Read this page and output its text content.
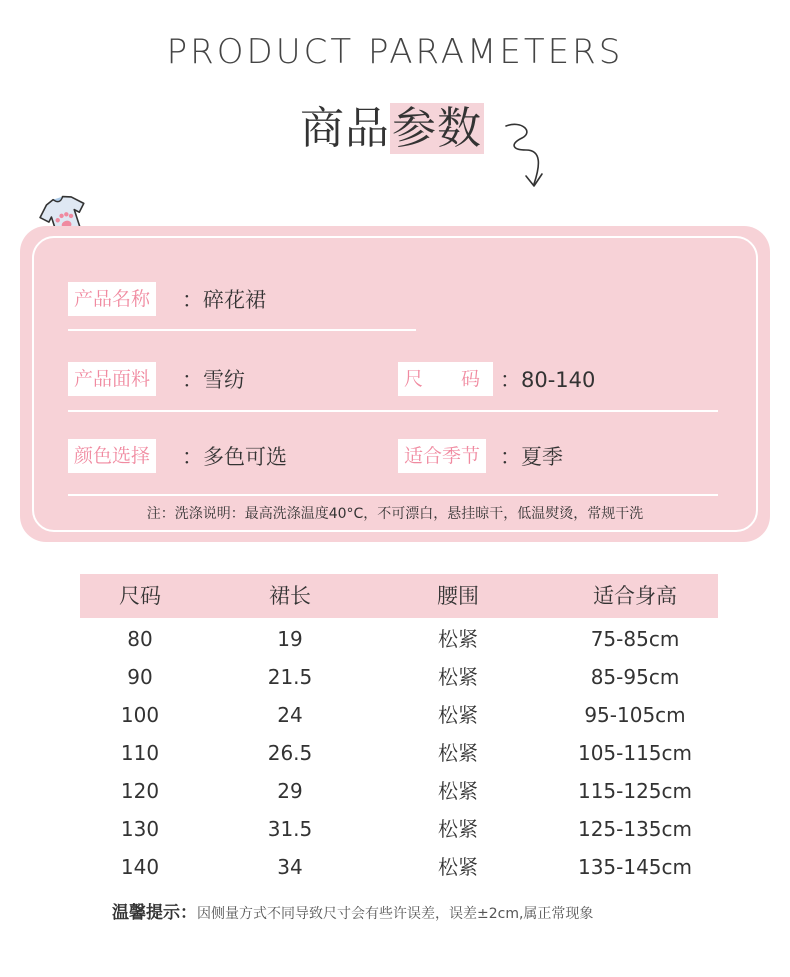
PRODUCT PARAMETERS
商品参数
产品名称 ：碎花裙
产品面料 ：雪纺	尺　　码 ：80-140
颜色选择 ：多色可选	适合季节 ：夏季
注：洗涤说明：最高洗涤温度40°C，不可漂白，悬挂晾干，低温熨烫，常规干洗
尺码	裙长	腰围	适合身高
80	19	松紧	75-85cm
90	21.5	松紧	85-95cm
100	24	松紧	95-105cm
110	26.5	松紧	105-115cm
120	29	松紧	115-125cm
130	31.5	松紧	125-135cm
140	34	松紧	135-145cm
温馨提示：因侧量方式不同导致尺寸会有些许误差，误差±2cm,属正常现象
